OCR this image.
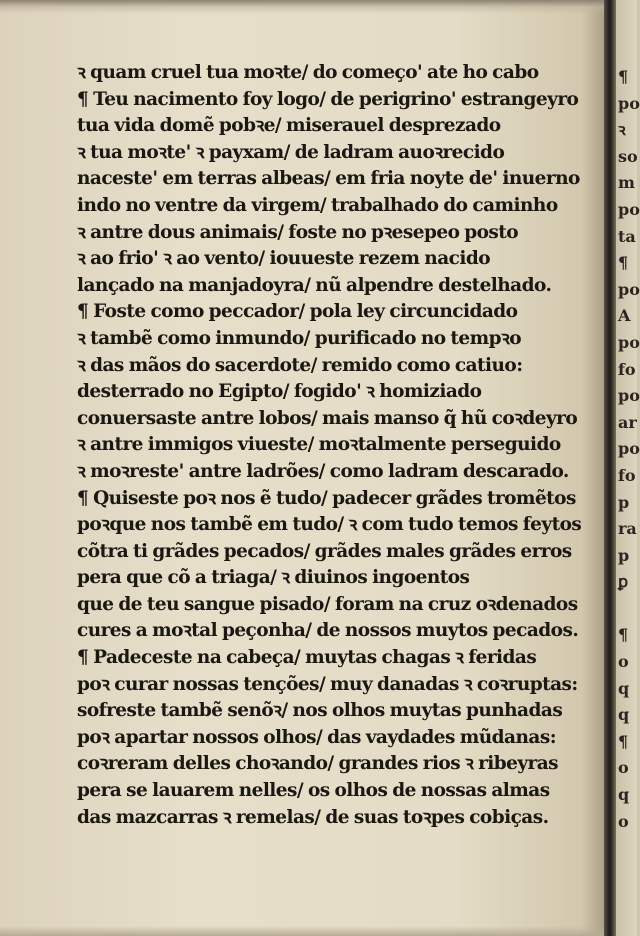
ꝛ quam cruel tua moꝛte/ do começo' ate ho cabo
¶ Teu nacimento foy logo/ de perigrino' estrangeyro
tua vida domẽ pobꝛe/ miserauel desprezado
ꝛ tua moꝛte' ꝛ payxam/ de ladram auoꝛrecido
naceste' em terras albeas/ em fria noyte de' inuerno
indo no ventre da virgem/ trabalhado do caminho
ꝛ antre dous animais/ foste no pꝛesepeo posto
ꝛ ao frio' ꝛ ao vento/ iouueste rezem nacido
lançado na manjadoyra/ nũ alpendre destelhado.
¶ Foste como peccador/ pola ley circuncidado
ꝛ tambẽ como inmundo/ purificado no tempꝛo
ꝛ das mãos do sacerdote/ remido como catiuo:
desterrado no Egipto/ fogido' ꝛ homiziado
conuersaste antre lobos/ mais manso q̃ hũ coꝛdeyro
ꝛ antre immigos viueste/ moꝛtalmente perseguido
ꝛ moꝛreste' antre ladrões/ como ladram descarado.
¶ Quiseste poꝛ nos ẽ tudo/ padecer grãdes tromẽtos
poꝛque nos tambẽ em tudo/ ꝛ com tudo temos feytos
cõtra ti grãdes pecados/ grãdes males grãdes erros
pera que cõ a triaga/ ꝛ diuinos ingoentos
que de teu sangue pisado/ foram na cruz oꝛdenados
cures a moꝛtal peçonha/ de nossos muytos pecados.
¶ Padeceste na cabeça/ muytas chagas ꝛ feridas
poꝛ curar nossas tenções/ muy danadas ꝛ coꝛruptas:
sofreste tambẽ senõꝛ/ nos olhos muytas punhadas
poꝛ apartar nossos olhos/ das vaydades mũdanas:
coꝛreram delles choꝛando/ grandes rios ꝛ ribeyras
pera se lauarem nelles/ os olhos de nossas almas
das mazcarras ꝛ remelas/ de suas toꝛpes cobiças.
¶
po
ꝛ
so
m
po
ta
¶
po
A
po
fo
po
ar
po
fo
p
ra
p
ꝑ
¶
o
q
q
¶
o
q
o
